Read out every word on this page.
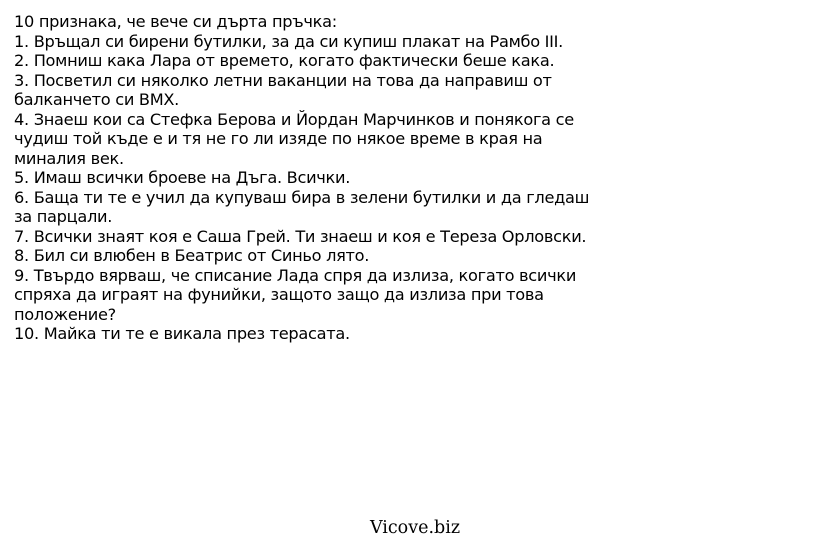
10 признака, че вече си дърта пръчка:

1. Връщал си бирени бутилки, за да си купиш плакат на Рамбо III.

2. Помниш кака Лара от времето, когато фактически беше кака.

3. Посветил си няколко летни ваканции на това да направиш от балканчето си BMX.

4. Знаеш кои са Стефка Берова и Йордан Марчинков и понякога се чудиш той къде е и тя не го ли изяде по някое време в края на миналия век.

5. Имаш всички броеве на Дъга. Всички.

6. Баща ти те е учил да купуваш бира в зелени бутилки и да гледаш за парцали.

7. Всички знаят коя е Саша Грей. Ти знаеш и коя е Тереза Орловски.

8. Бил си влюбен в Беатрис от Синьо лято.

9. Твърдо вярваш, че списание Лада спря да излиза, когато всички спряха да играят на фунийки, защото защо да излиза при това положение?

10. Майка ти те е викала през терасата.

Vicove.biz
